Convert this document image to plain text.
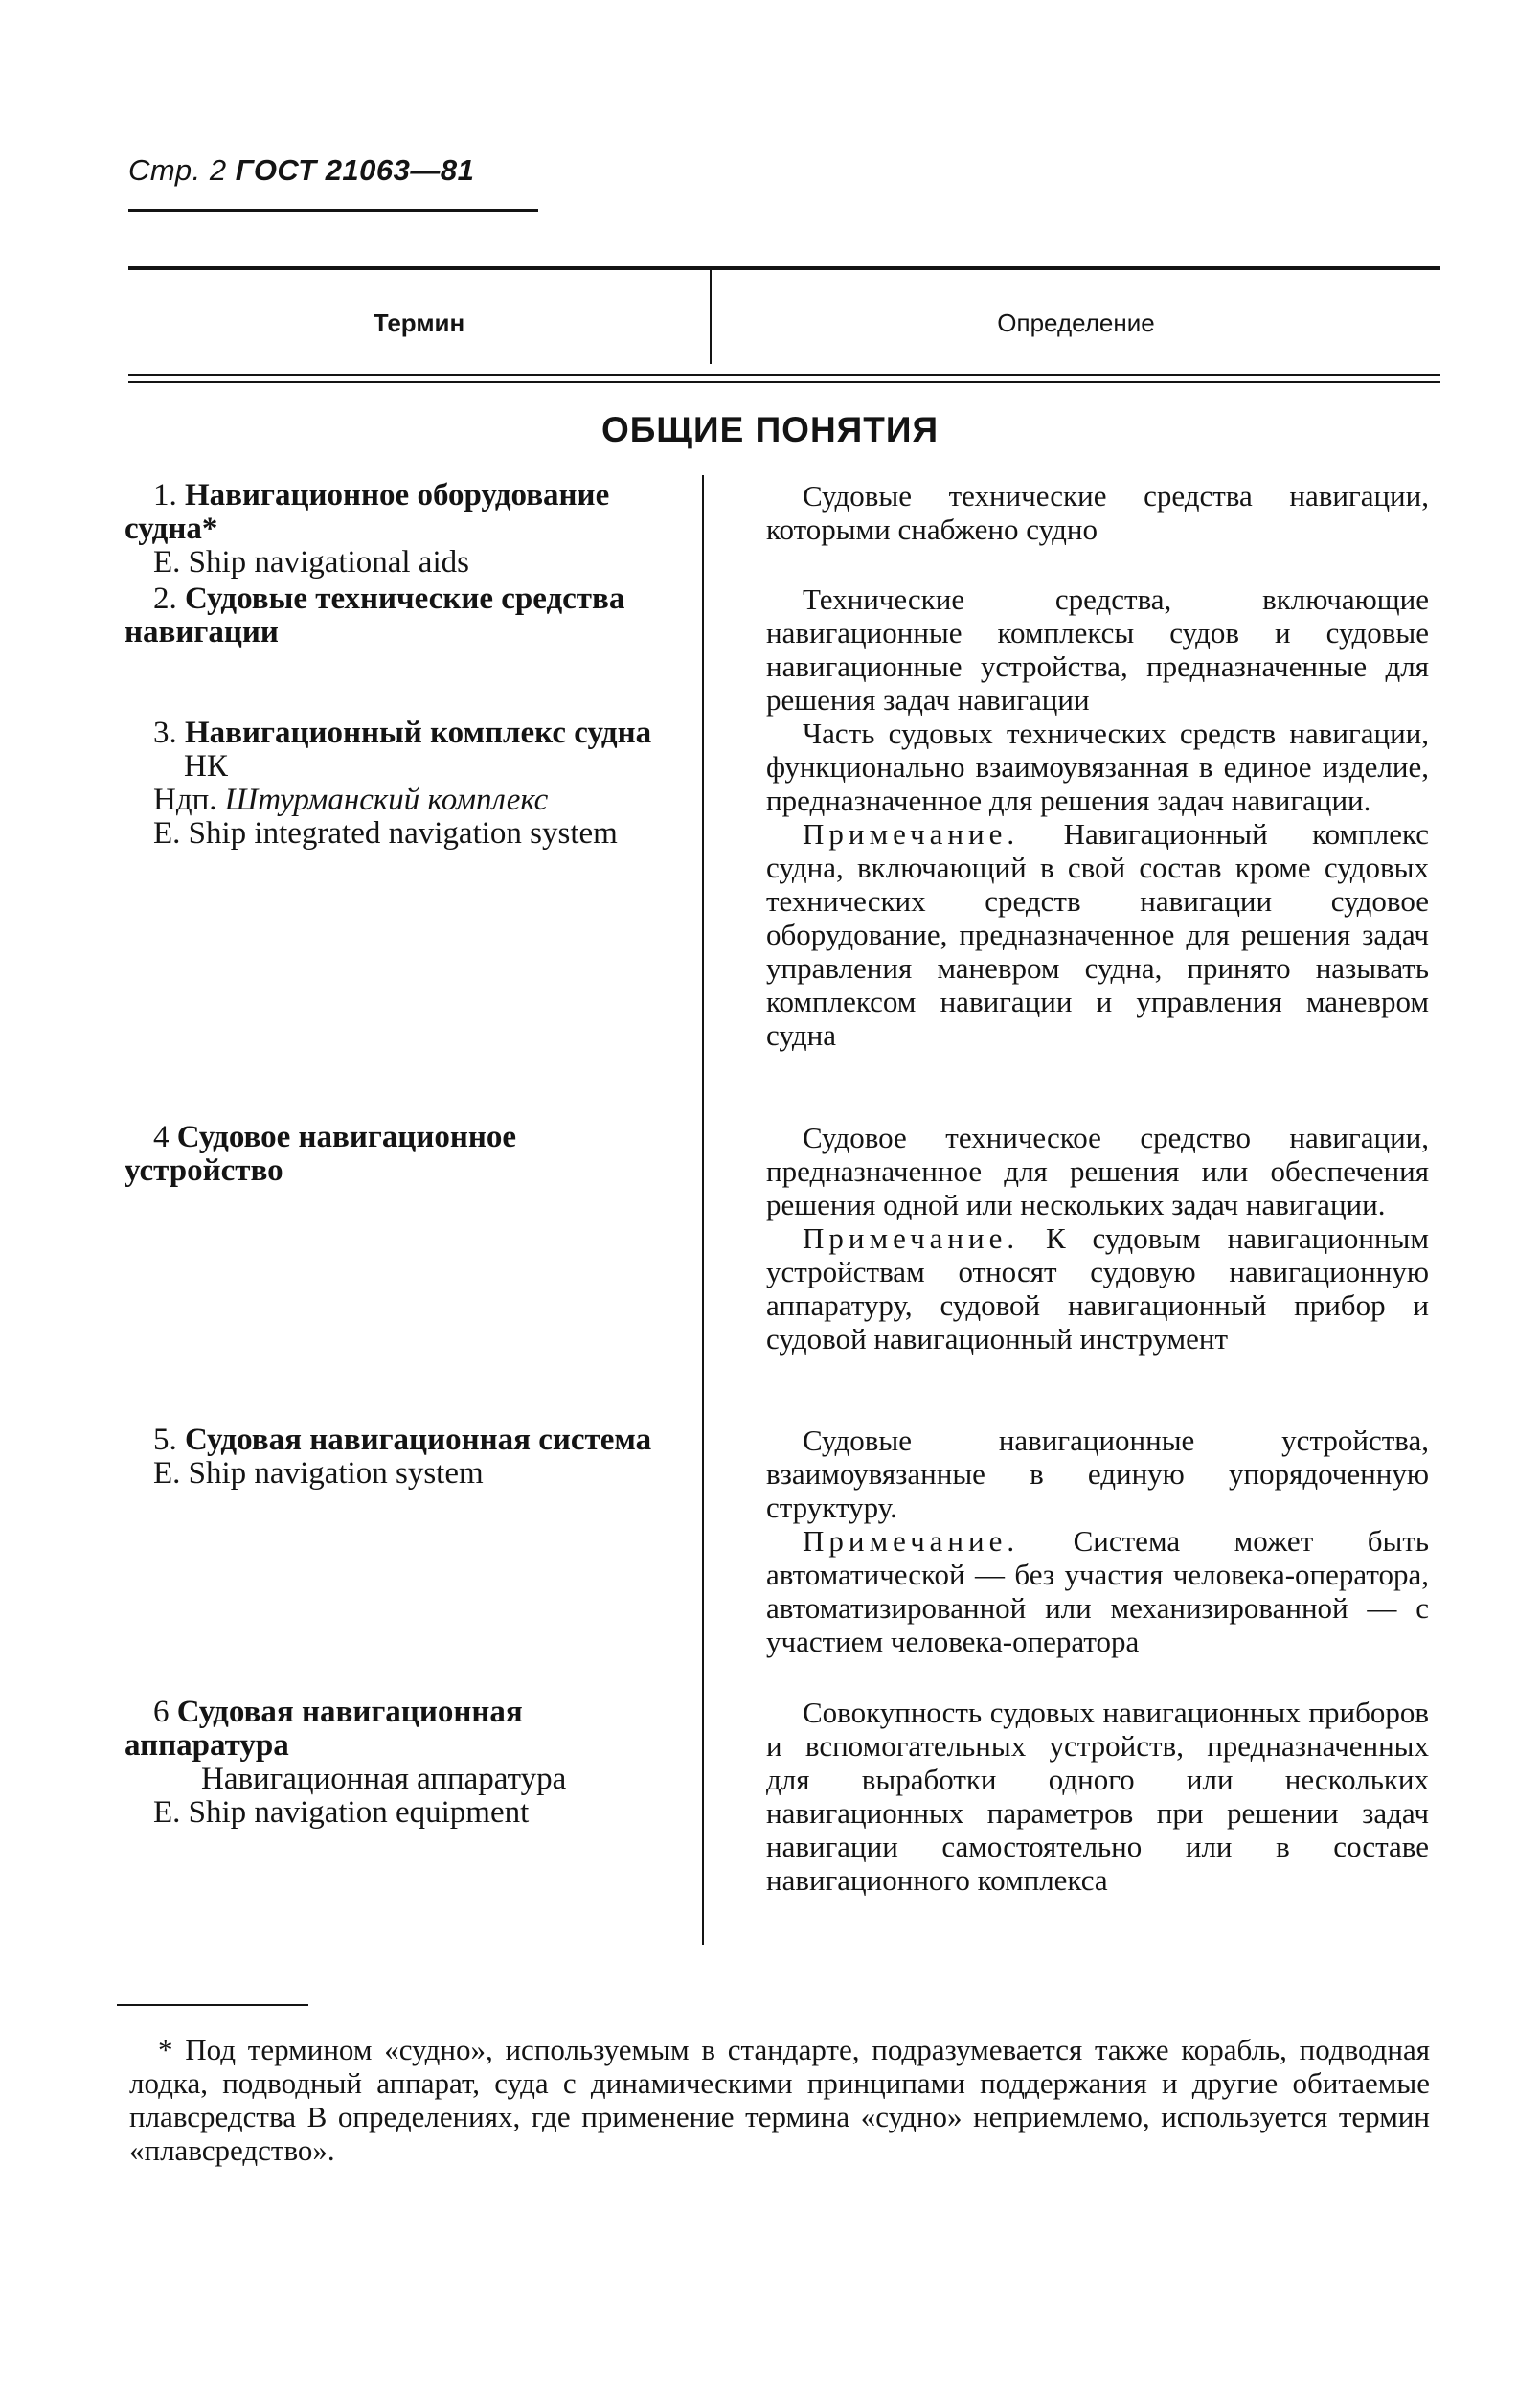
Стр. 2 ГОСТ 21063—81
Термин	Определение
ОБЩИЕ ПОНЯТИЯ
1. Навигационное оборудование судна*
E. Ship navigational aids

Судовые технические средства навигации, которыми снабжено судно

2. Судовые технические средства навигации

Технические средства, включающие навигационные комплексы судов и судовые навигационные устройства, предназначенные для решения задач навигации

3. Навигационный комплекс судна
НК
Ндп. Штурманский комплекс
E. Ship integrated navigation system

Часть судовых технических средств навигации, функционально взаимоувязанная в единое изделие, предназначенное для решения задач навигации.

Примечание. Навигационный комплекс судна, включающий в свой состав кроме судовых технических средств навигации судовое оборудование, предназначенное для решения задач управления маневром судна, принято называть комплексом навигации и управления маневром судна

4 Судовое навигационное устройство

Судовое техническое средство навигации, предназначенное для решения или обеспечения решения одной или нескольких задач навигации.

Примечание. К судовым навигационным устройствам относят судовую навигационную аппаратуру, судовой навигационный прибор и судовой навигационный инструмент

5. Судовая навигационная система
E. Ship navigation system

Судовые навигационные устройства, взаимоувязанные в единую упорядоченную структуру.

Примечание. Система может быть автоматической — без участия человека-оператора, автоматизированной или механизированной — с участием человека-оператора

6 Судовая навигационная аппаратура
Навигационная аппаратура
E. Ship navigation equipment

Совокупность судовых навигационных приборов и вспомогательных устройств, предназначенных для выработки одного или нескольких навигационных параметров при решении задач навигации самостоятельно или в составе навигационного комплекса

* Под термином «судно», используемым в стандарте, подразумевается также корабль, подводная лодка, подводный аппарат, суда с динамическими принципами поддержания и другие обитаемые плавсредства В определениях, где применение термина «судно» неприемлемо, используется термин «плавсредство».
